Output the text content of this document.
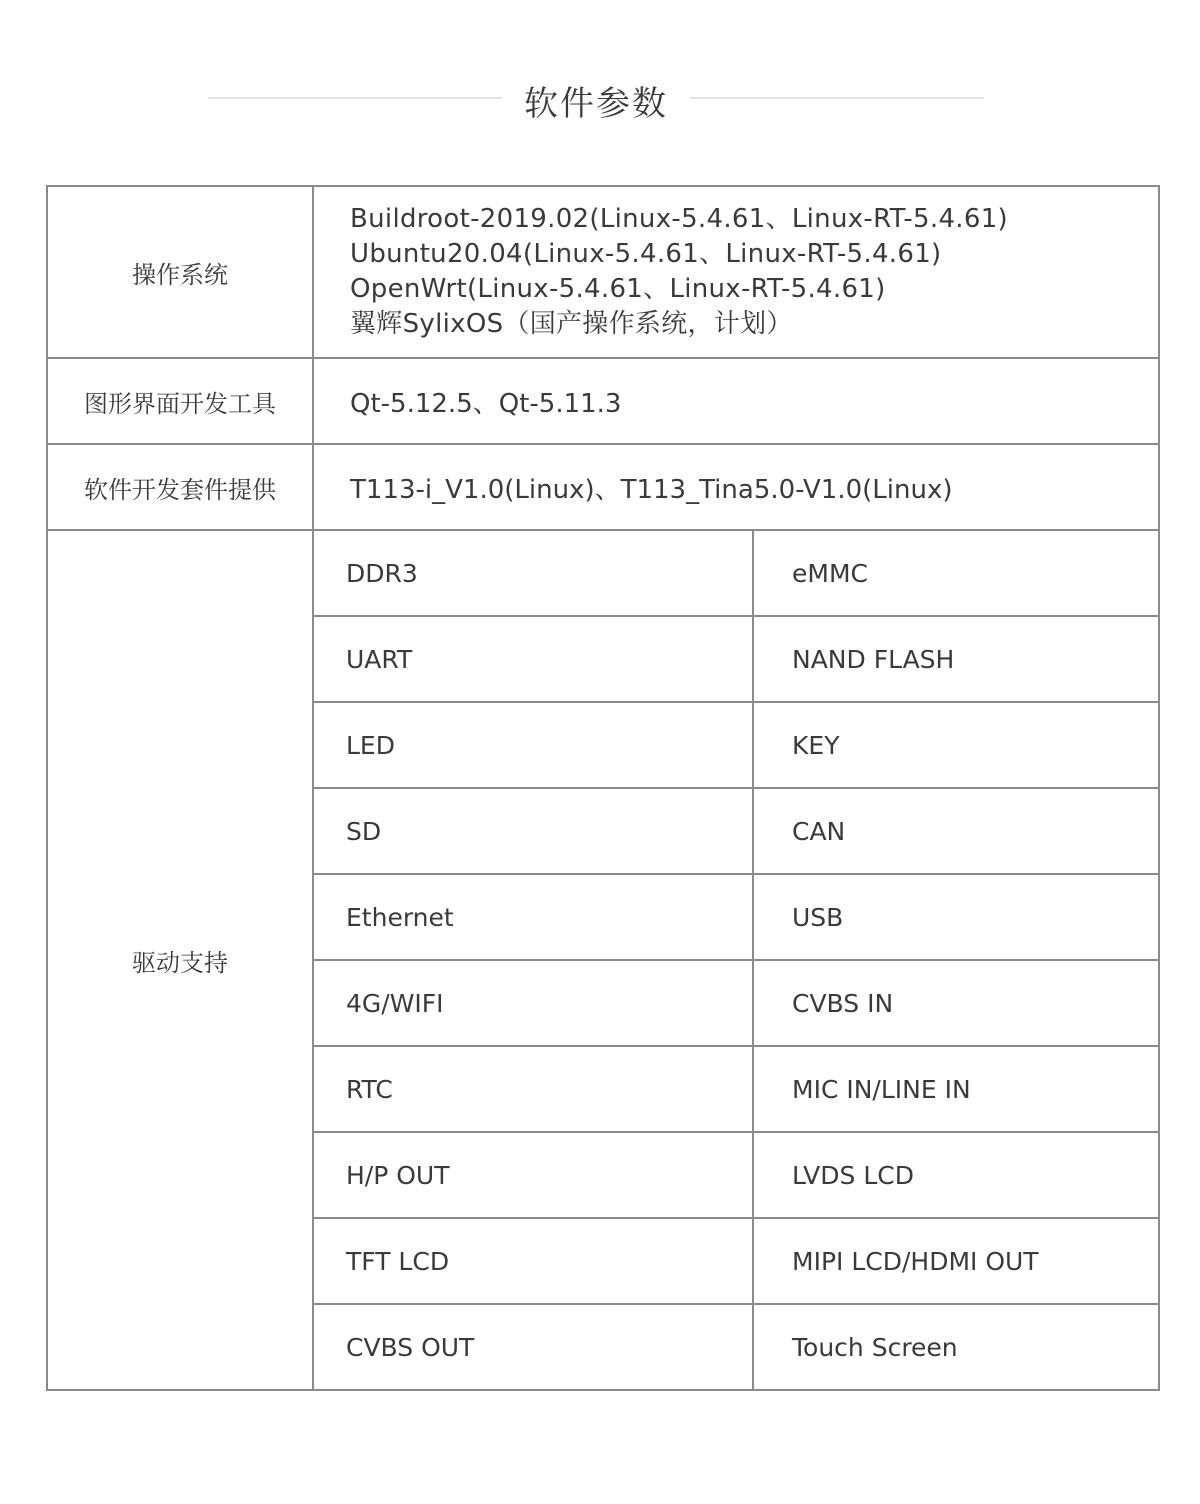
软件参数
操作系统	Buildroot-2019.02(Linux-5.4.61、Linux-RT-5.4.61)
Ubuntu20.04(Linux-5.4.61、Linux-RT-5.4.61)
OpenWrt(Linux-5.4.61、Linux-RT-5.4.61)
翼辉SylixOS（国产操作系统，计划）	

图形界面开发工具	Qt-5.12.5、Qt-5.11.3	
软件开发套件提供	T113-i_V1.0(Linux)、T113_Tina5.0-V1.0(Linux)	
驱动支持	DDR3	eMMC
	UART	NAND FLASH
	LED	KEY
	SD	CAN
	Ethernet	USB
	4G/WIFI	CVBS IN
	RTC	MIC IN/LINE IN
	H/P OUT	LVDS LCD
	TFT LCD	MIPI LCD/HDMI OUT
	CVBS OUT	Touch Screen
